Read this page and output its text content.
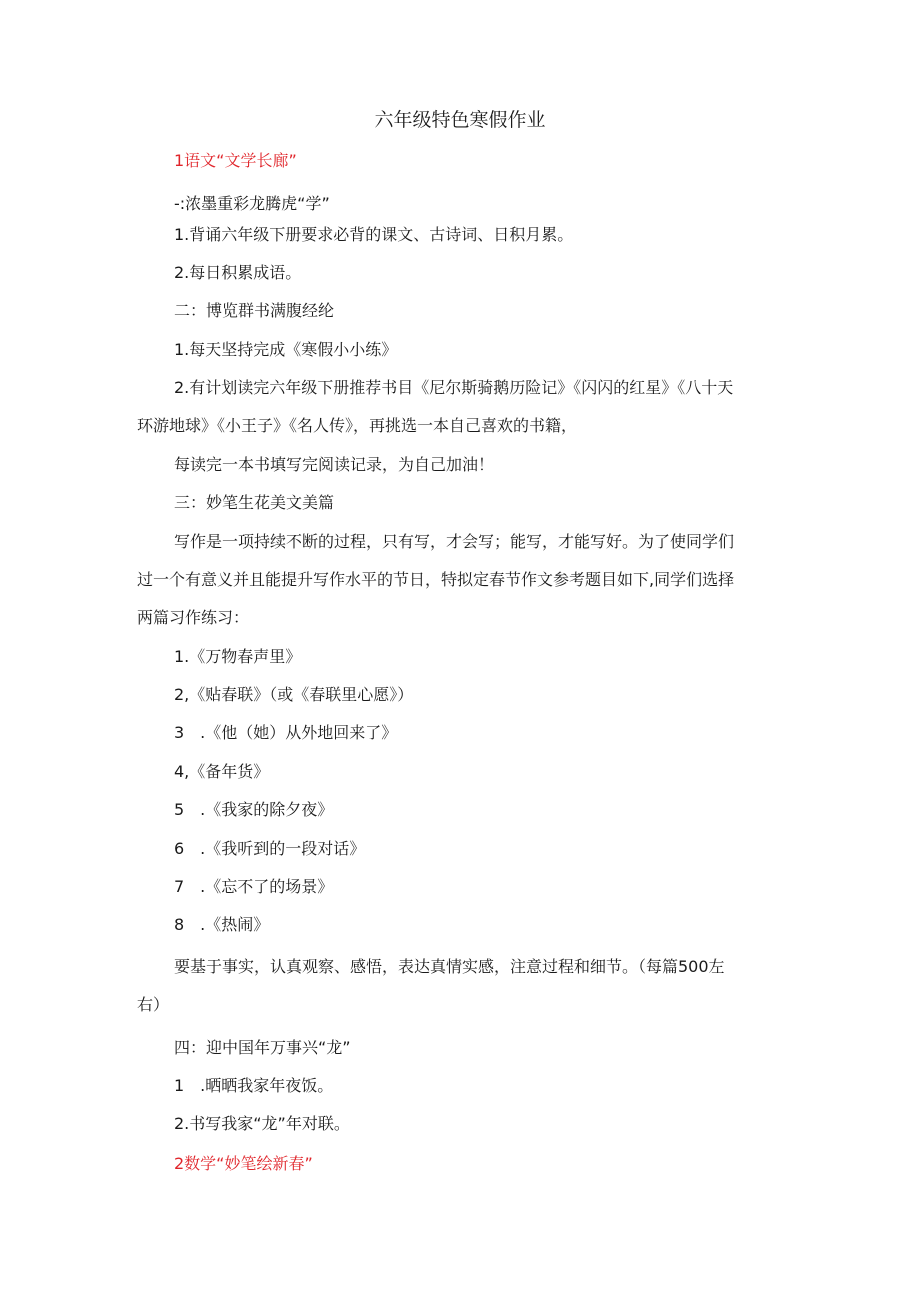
六年级特色寒假作业
1语文“文学长廊”
-:浓墨重彩龙腾虎“学”
1.背诵六年级下册要求必背的课文、古诗词、日积月累。
2.每日积累成语。
二：博览群书满腹经纶
1.每天坚持完成《寒假小小练》
2.有计划读完六年级下册推荐书目《尼尔斯骑鹅历险记》《闪闪的红星》《八十天
环游地球》《小王子》《名人传》，再挑选一本自己喜欢的书籍，
每读完一本书填写完阅读记录，为自己加油！
三：妙笔生花美文美篇
写作是一项持续不断的过程，只有写，才会写；能写，才能写好。为了使同学们
过一个有意义并且能提升写作水平的节日，特拟定春节作文参考题目如下,同学们选择
两篇习作练习：
1.《万物春声里》
2,《贴春联》（或《春联里心愿》）
3　.《他（她）从外地回来了》
4,《备年货》
5　.《我家的除夕夜》
6　.《我听到的一段对话》
7　.《忘不了的场景》
8　.《热闹》
要基于事实，认真观察、感悟，表达真情实感，注意过程和细节。（每篇500左
右）
四：迎中国年万事兴“龙”
1　.晒晒我家年夜饭。
2.书写我家“龙”年对联。
2数学“妙笔绘新春”
